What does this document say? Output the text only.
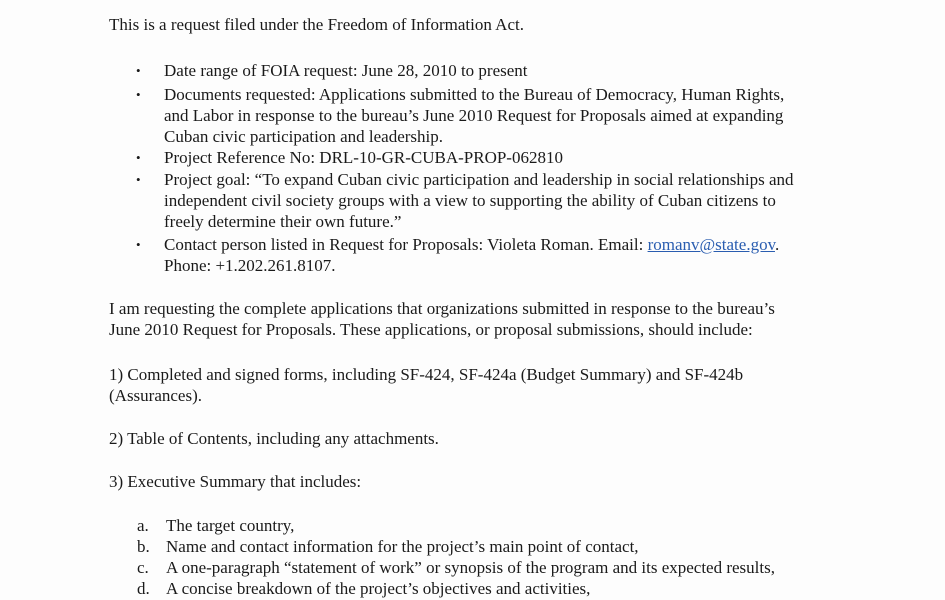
This is a request filed under the Freedom of Information Act.

• Date range of FOIA request: June 28, 2010 to present

• Documents requested: Applications submitted to the Bureau of Democracy, Human Rights,

and Labor in response to the bureau’s June 2010 Request for Proposals aimed at expanding

Cuban civic participation and leadership.

• Project Reference No: DRL-10-GR-CUBA-PROP-062810

• Project goal: “To expand Cuban civic participation and leadership in social relationships and

independent civil society groups with a view to supporting the ability of Cuban citizens to

freely determine their own future.”

• Contact person listed in Request for Proposals: Violeta Roman. Email: romanv@state.gov.

Phone: +1.202.261.8107.

I am requesting the complete applications that organizations submitted in response to the bureau’s

June 2010 Request for Proposals. These applications, or proposal submissions, should include:

1) Completed and signed forms, including SF-424, SF-424a (Budget Summary) and SF-424b

(Assurances).

2) Table of Contents, including any attachments.

3) Executive Summary that includes:

a. The target country,

b. Name and contact information for the project’s main point of contact,

c. A one-paragraph “statement of work” or synopsis of the program and its expected results,

d. A concise breakdown of the project’s objectives and activities,
